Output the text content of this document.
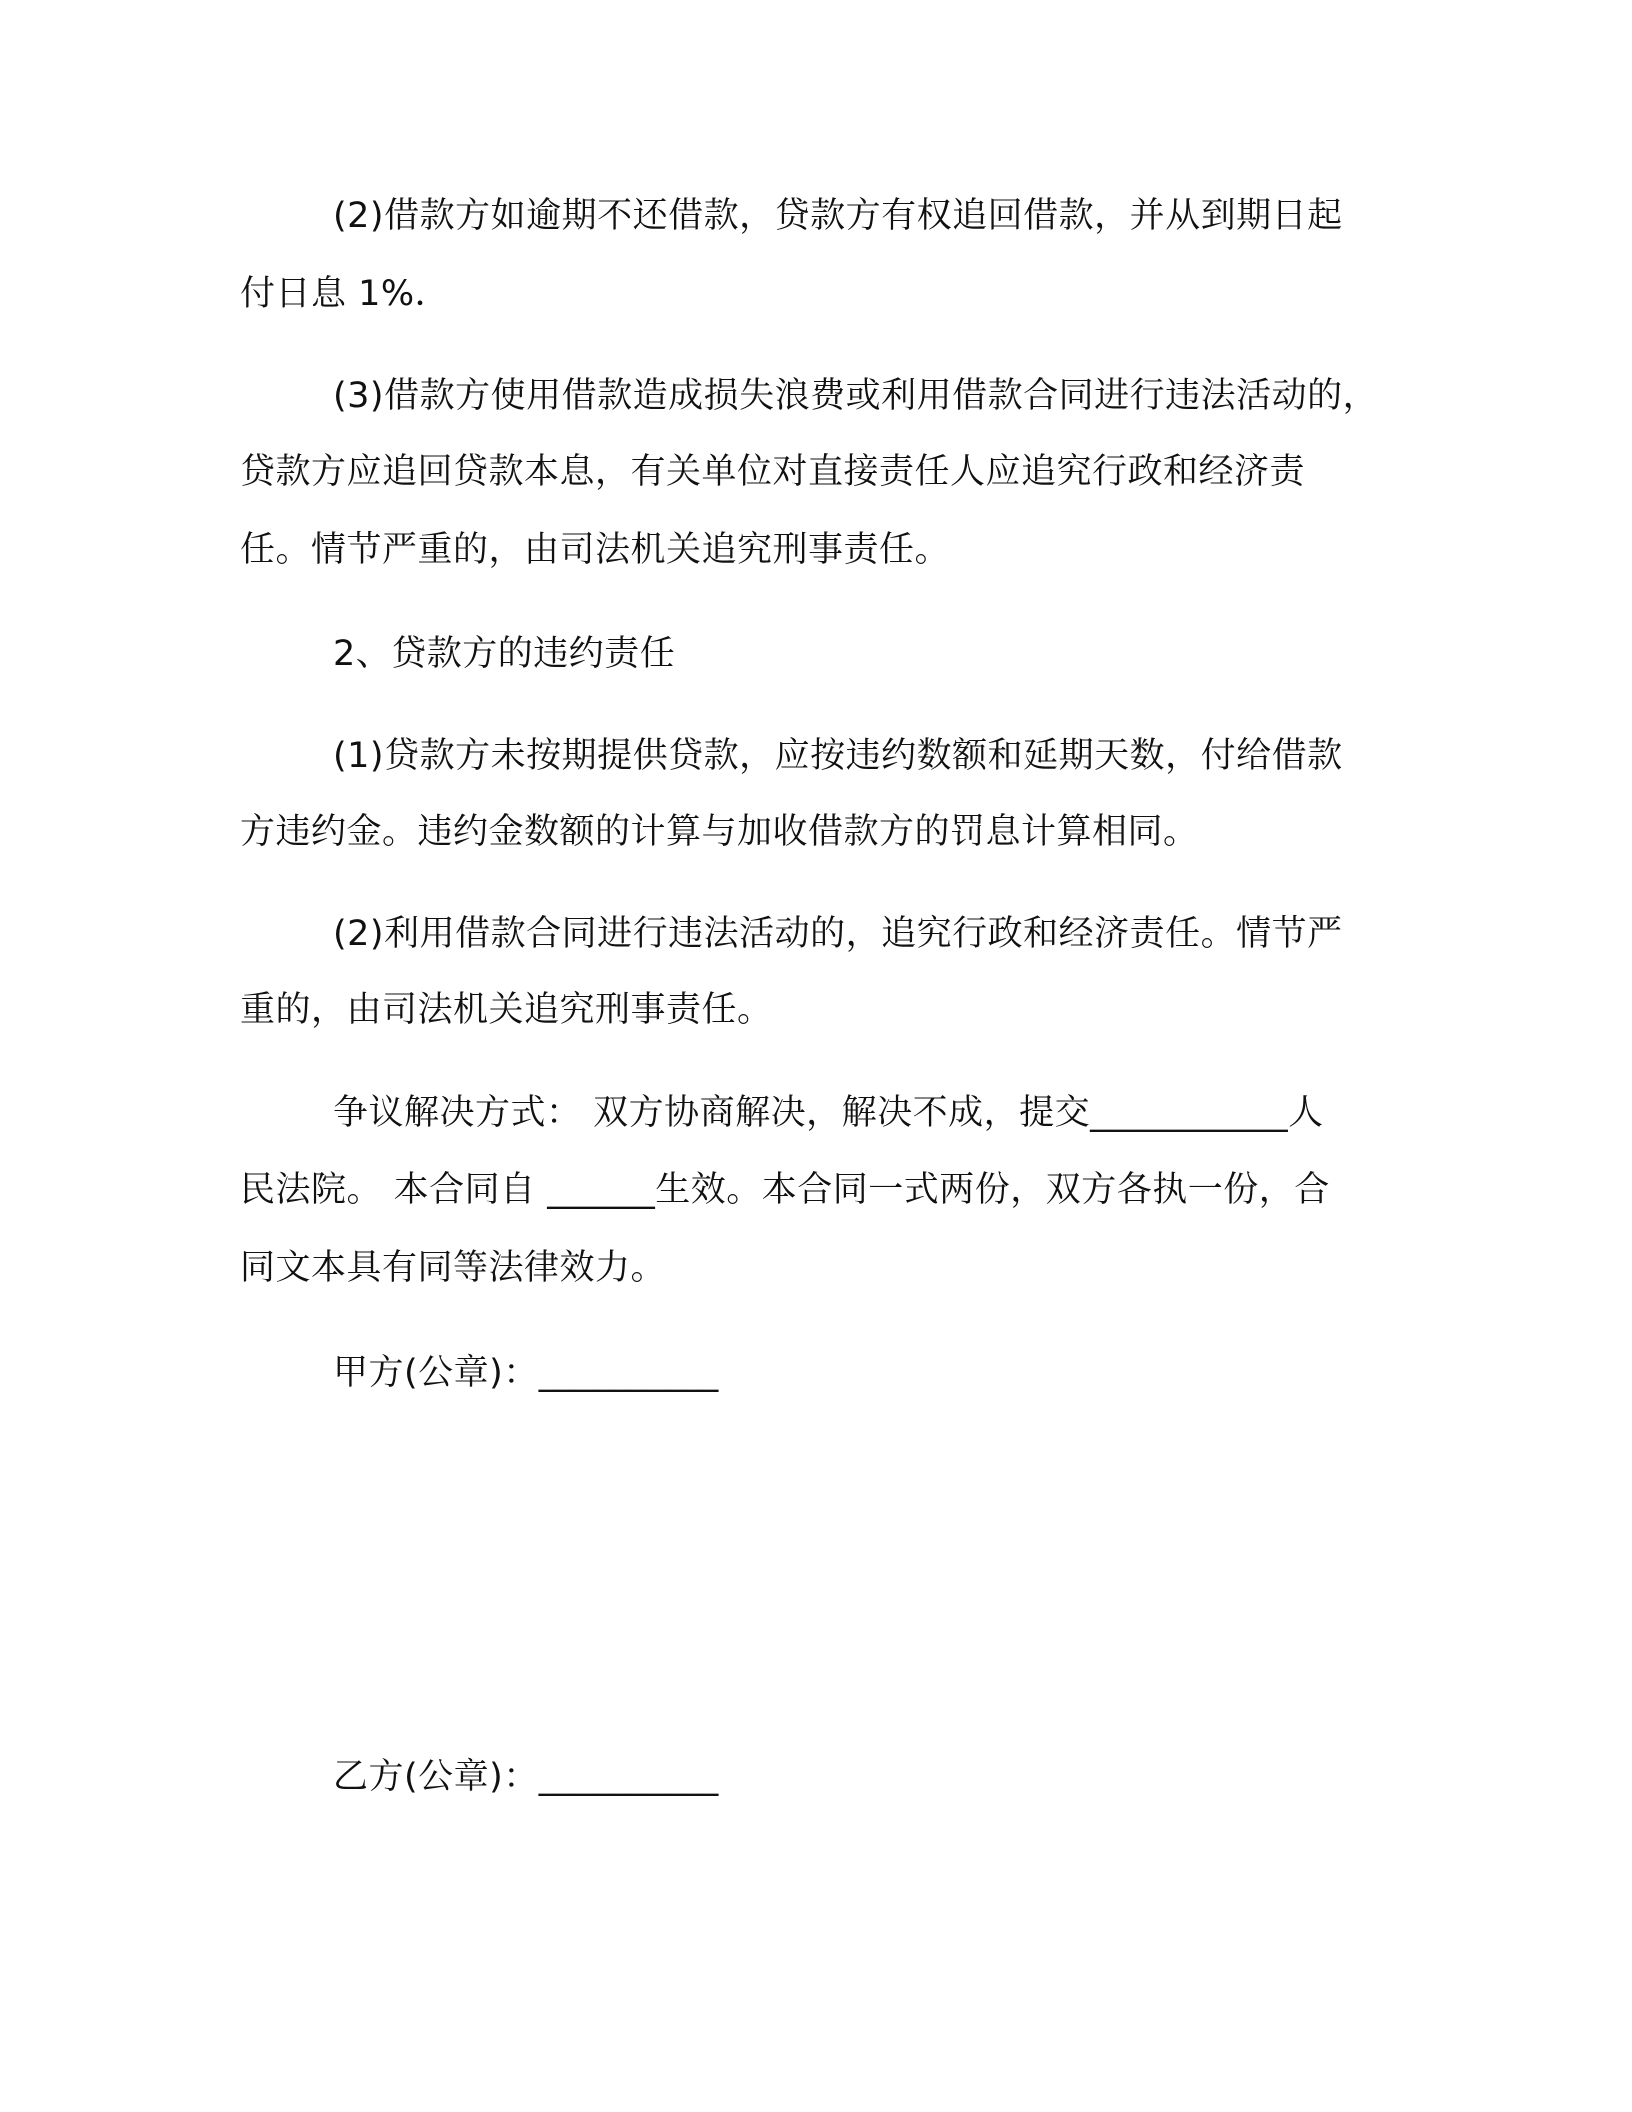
(2)借款方如逾期不还借款，贷款方有权追回借款，并从到期日起
付日息 1%．
(3)借款方使用借款造成损失浪费或利用借款合同进行违法活动的，
贷款方应追回贷款本息，有关单位对直接责任人应追究行政和经济责
任。情节严重的，由司法机关追究刑事责任。
2、贷款方的违约责任
(1)贷款方未按期提供贷款，应按违约数额和延期天数，付给借款
方违约金。违约金数额的计算与加收借款方的罚息计算相同。
(2)利用借款合同进行违法活动的，追究行政和经济责任。情节严
重的，由司法机关追究刑事责任。
争议解决方式： 双方协商解决，解决不成，提交___________人
民法院。 本合同自 ______生效。本合同一式两份，双方各执一份，合
同文本具有同等法律效力。
甲方(公章)：__________
乙方(公章)：__________
